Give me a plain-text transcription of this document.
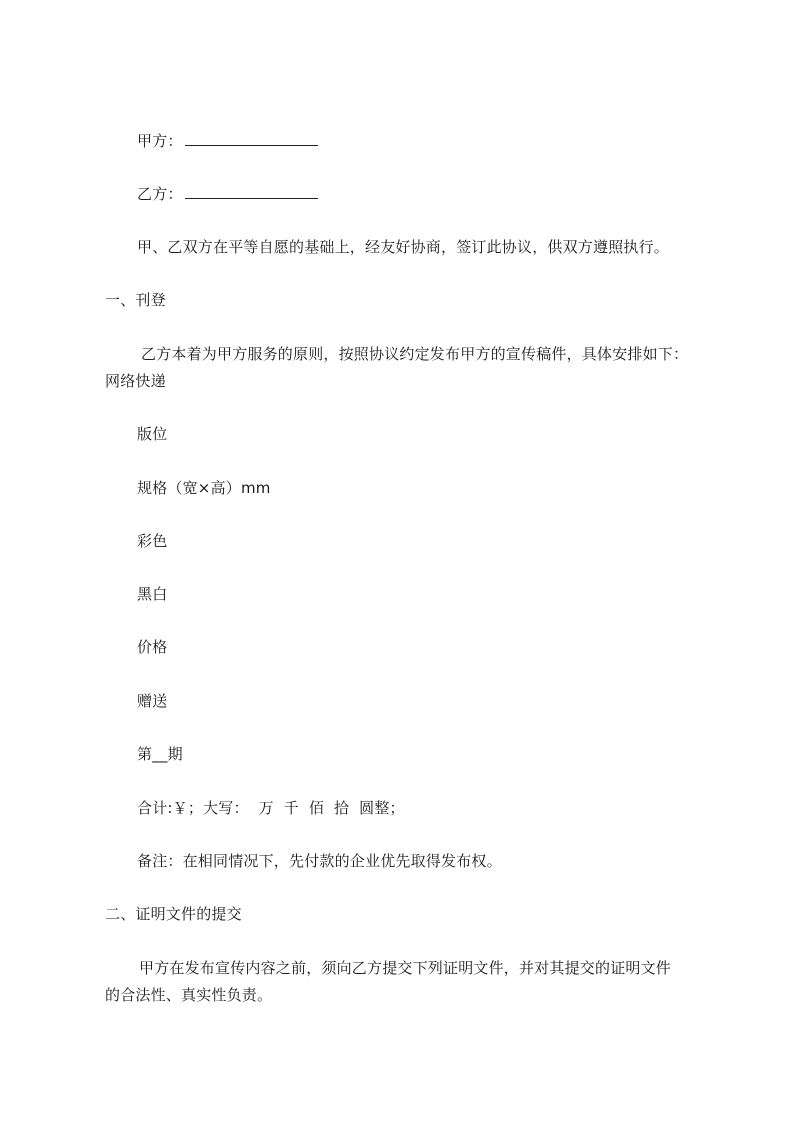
甲方：
乙方：
甲、乙双方在平等自愿的基础上，经友好协商，签订此协议，供双方遵照执行。
一、刊登
乙方本着为甲方服务的原则，按照协议约定发布甲方的宣传稿件，具体安排如下：
网络快递
版位
规格（宽×高）mm
彩色
黑白
价格
赠送
第__期
合计:￥；大写：  万  千  佰  拾  圆整；
备注：在相同情况下，先付款的企业优先取得发布权。
二、证明文件的提交
甲方在发布宣传内容之前，须向乙方提交下列证明文件，并对其提交的证明文件
的合法性、真实性负责。
